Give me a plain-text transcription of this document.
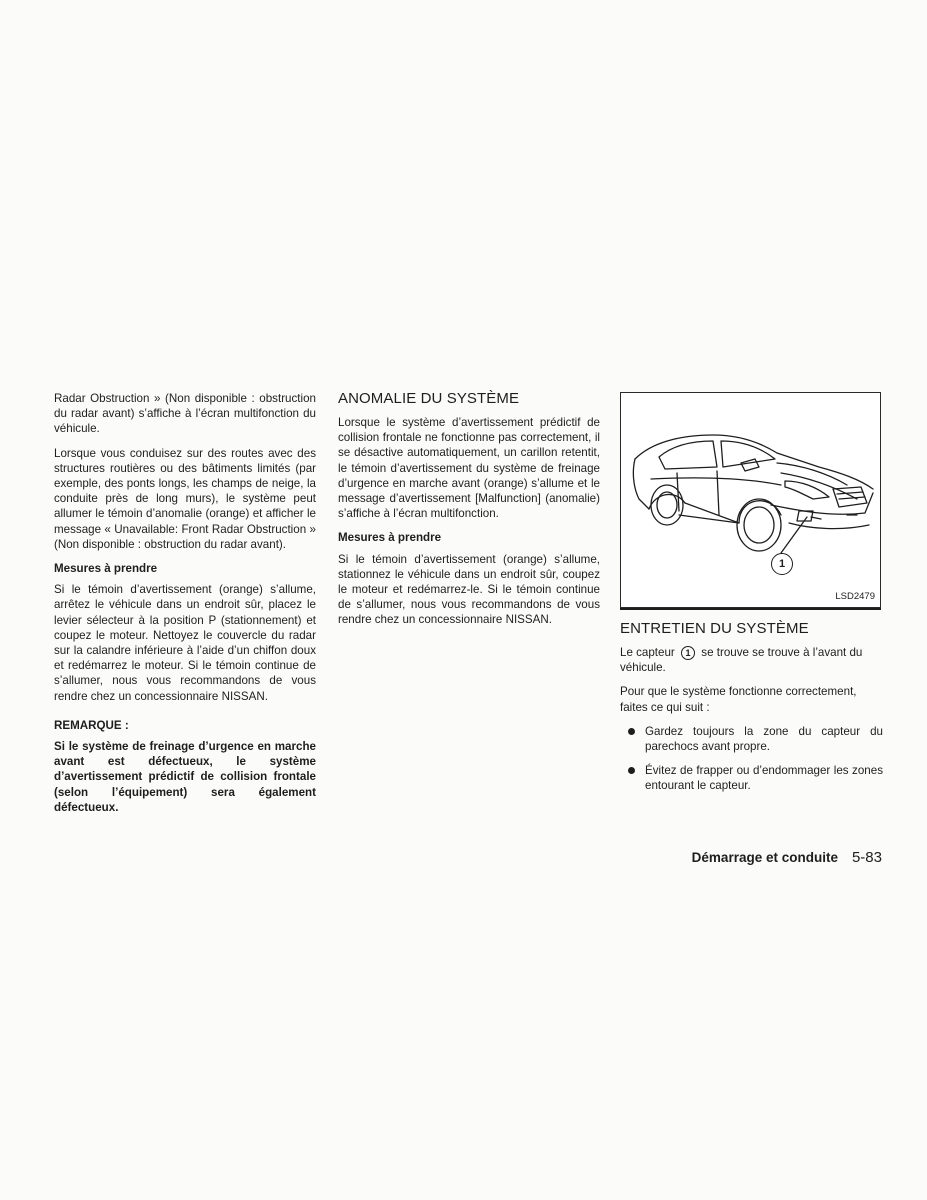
Radar Obstruction » (Non disponible : obstruction du radar avant) s’affiche à l’écran multifonction du véhicule.

Lorsque vous conduisez sur des routes avec des structures routières ou des bâtiments limités (par exemple, des ponts longs, les champs de neige, la conduite près de long murs), le système peut allumer le témoin d’anomalie (orange) et afficher le message « Unavailable: Front Radar Obstruction » (Non disponible : obstruction du radar avant).

Mesures à prendre

Si le témoin d’avertissement (orange) s’allume, arrêtez le véhicule dans un endroit sûr, placez le levier sélecteur à la position P (stationnement) et coupez le moteur. Nettoyez le couvercle du radar sur la calandre inférieure à l’aide d’un chiffon doux et redémarrez le moteur. Si le témoin continue de s’allumer, nous vous recommandons de vous rendre chez un concessionnaire NISSAN.

REMARQUE :

Si le système de freinage d’urgence en marche avant est défectueux, le système d’avertissement prédictif de collision frontale (selon l’équipement) sera également défectueux.

ANOMALIE DU SYSTÈME

Lorsque le système d’avertissement prédictif de collision frontale ne fonctionne pas correctement, il se désactive automatiquement, un carillon retentit, le témoin d’avertissement du système de freinage d’urgence en marche avant (orange) s’allume et le message d’avertissement [Malfunction] (anomalie) s’affiche à l’écran multifonction.

Mesures à prendre

Si le témoin d’avertissement (orange) s’allume, stationnez le véhicule dans un endroit sûr, coupez le moteur et redémarrez-le. Si le témoin continue de s’allumer, nous vous recommandons de vous rendre chez un concessionnaire NISSAN.

1
LSD2479

ENTRETIEN DU SYSTÈME

Le capteur 1 se trouve se trouve à l’avant du véhicule.

Pour que le système fonctionne correctement, faites ce qui suit :

Gardez toujours la zone du capteur du parechocs avant propre.
Évitez de frapper ou d’endommager les zones entourant le capteur.
Démarrage et conduite 5-83
